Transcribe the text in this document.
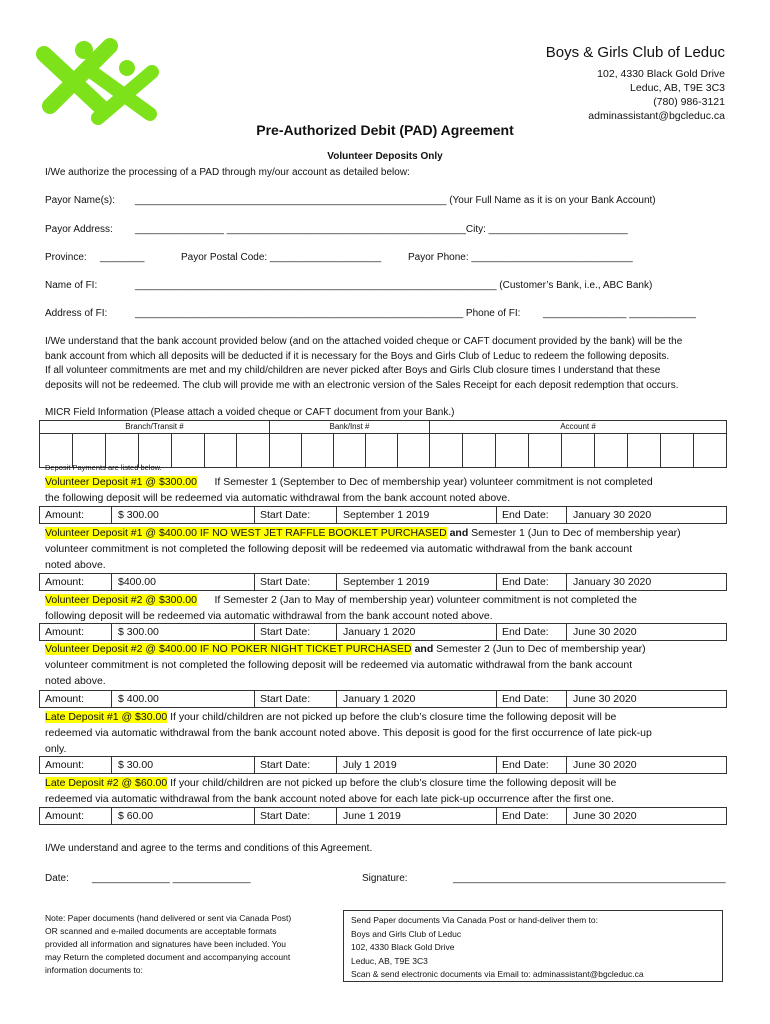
Boys & Girls Club of Leduc
102, 4330 Black Gold Drive
Leduc, AB, T9E 3C3
(780) 986-3121
adminassistant@bgcleduc.ca
Pre-Authorized Debit (PAD) Agreement
Volunteer Deposits Only
I/We authorize the processing of a PAD through my/our account as detailed below:
Payor Name(s): ________________________________________________________ (Your Full Name as it is on your Bank Account)
Payor Address: ________________ ___________________________________________City: _________________________
Province: ________	Payor Postal Code: ____________________	Payor Phone: _____________________________
Name of FI:	_________________________________________________________________ (Customer’s Bank, i.e., ABC Bank)
Address of FI:	___________________________________________________________ Phone of FI: _______________ ____________
I/We understand that the bank account provided below (and on the attached voided cheque or CAFT document provided by the bank) will be the
bank account from which all deposits will be deducted if it is necessary for the Boys and Girls Club of Leduc to redeem the following deposits.
If all volunteer commitments are met and my child/children are never picked after Boys and Girls Club closure times I understand that these
deposits will not be redeemed. The club will provide me with an electronic version of the Sales Receipt for each deposit redemption that occurs.
MICR Field Information (Please attach a voided cheque or CAFT document from your Bank.)
Branch/Transit #	Bank/Inst #	Account #
Deposit Payments are listed below.
Volunteer Deposit #1 @ $300.00      If Semester 1 (September to Dec of membership year) volunteer commitment is not completed
the following deposit will be redeemed via automatic withdrawal from the bank account noted above.
Amount:	$ 300.00	Start Date:	September 1 2019	End Date: January 30 2020
Volunteer Deposit #1 @ $400.00 IF NO WEST JET RAFFLE BOOKLET PURCHASED and Semester 1 (Jun to Dec of membership year)
volunteer commitment is not completed the following deposit will be redeemed via automatic withdrawal from the bank account
noted above.
Amount:	$400.00	Start Date:	September 1 2019	End Date: January 30 2020
Volunteer Deposit #2 @ $300.00      If Semester 2 (Jan to May of membership year) volunteer commitment is not completed the
following deposit will be redeemed via automatic withdrawal from the bank account noted above.
Amount:	$ 300.00	Start Date:	January 1 2020	End Date: June 30 2020
Volunteer Deposit #2 @ $400.00 IF NO POKER NIGHT TICKET PURCHASED and Semester 2 (Jun to Dec of membership year)
volunteer commitment is not completed the following deposit will be redeemed via automatic withdrawal from the bank account
noted above.
Amount:	$ 400.00	Start Date:	January 1 2020	End Date: June 30 2020
Late Deposit #1 @ $30.00 If your child/children are not picked up before the club’s closure time the following deposit will be
redeemed via automatic withdrawal from the bank account noted above. This deposit is good for the first occurrence of late pick-up
only.
Amount:	$ 30.00	Start Date:	July 1 2019	End Date: June 30 2020
Late Deposit #2 @ $60.00 If your child/children are not picked up before the club’s closure time the following deposit will be
redeemed via automatic withdrawal from the bank account noted above for each late pick-up occurrence after the first one.
Amount:	$ 60.00	Start Date:	June 1 2019	End Date: June 30 2020
I/We understand and agree to the terms and conditions of this Agreement.
Date: ______________ ______________	Signature:	_________________________________________________
Note: Paper documents (hand delivered or sent via Canada Post)
OR scanned and e-mailed documents are acceptable formats
provided all information and signatures have been included. You
may Return the completed document and accompanying account
information documents to:
Send Paper documents Via Canada Post or hand-deliver them to:
Boys and Girls Club of Leduc
102, 4330 Black Gold Drive
Leduc, AB, T9E 3C3
Scan & send electronic documents via Email to: adminassistant@bgcleduc.ca
